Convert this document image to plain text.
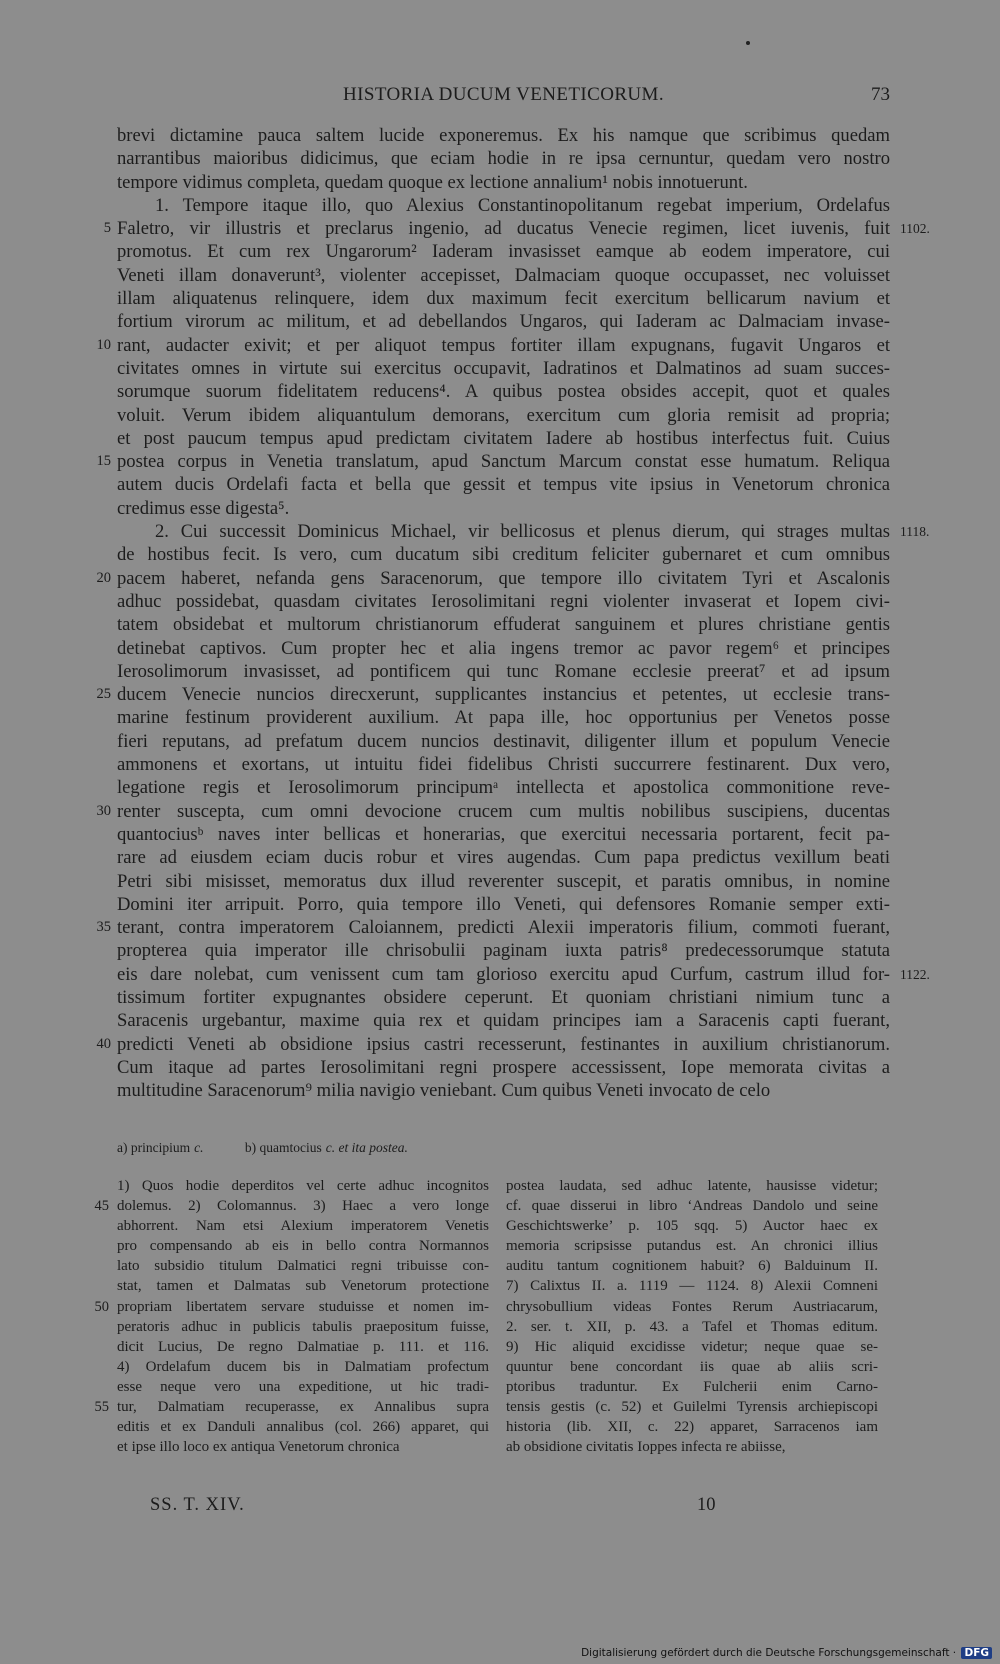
HISTORIA DUCUM VENETICORUM.	73
brevi dictamine pauca saltem lucide exponeremus. Ex his namque que scribimus quedam
narrantibus maioribus didicimus, que eciam hodie in re ipsa cernuntur, quedam vero nostro
tempore vidimus completa, quedam quoque ex lectione annalium¹ nobis innotuerunt.
1. Tempore itaque illo, quo Alexius Constantinopolitanum regebat imperium, Ordelafus
5 Faletro, vir illustris et preclarus ingenio, ad ducatus Venecie regimen, licet iuvenis, fuit 1102.
promotus. Et cum rex Ungarorum² Iaderam invasisset eamque ab eodem imperatore, cui
Veneti illam donaverunt³, violenter accepisset, Dalmaciam quoque occupasset, nec voluisset
illam aliquatenus relinquere, idem dux maximum fecit exercitum bellicarum navium et
fortium virorum ac militum, et ad debellandos Ungaros, qui Iaderam ac Dalmaciam invase-
10 rant, audacter exivit; et per aliquot tempus fortiter illam expugnans, fugavit Ungaros et
civitates omnes in virtute sui exercitus occupavit, Iadratinos et Dalmatinos ad suam succes-
sorumque suorum fidelitatem reducens⁴. A quibus postea obsides accepit, quot et quales
voluit. Verum ibidem aliquantulum demorans, exercitum cum gloria remisit ad propria;
et post paucum tempus apud predictam civitatem Iadere ab hostibus interfectus fuit. Cuius
15 postea corpus in Venetia translatum, apud Sanctum Marcum constat esse humatum. Reliqua
autem ducis Ordelafi facta et bella que gessit et tempus vite ipsius in Venetorum chronica
credimus esse digesta⁵.
2. Cui successit Dominicus Michael, vir bellicosus et plenus dierum, qui strages multas 1118.
de hostibus fecit. Is vero, cum ducatum sibi creditum feliciter gubernaret et cum omnibus
20 pacem haberet, nefanda gens Saracenorum, que tempore illo civitatem Tyri et Ascalonis
adhuc possidebat, quasdam civitates Ierosolimitani regni violenter invaserat et Iopem civi-
tatem obsidebat et multorum christianorum effuderat sanguinem et plures christiane gentis
detinebat captivos. Cum propter hec et alia ingens tremor ac pavor regem⁶ et principes
Ierosolimorum invasisset, ad pontificem qui tunc Romane ecclesie preerat⁷ et ad ipsum
25 ducem Venecie nuncios direcxerunt, supplicantes instancius et petentes, ut ecclesie trans-
marine festinum providerent auxilium. At papa ille, hoc opportunius per Venetos posse
fieri reputans, ad prefatum ducem nuncios destinavit, diligenter illum et populum Venecie
ammonens et exortans, ut intuitu fidei fidelibus Christi succurrere festinarent. Dux vero,
legatione regis et Ierosolimorum principumᵃ intellecta et apostolica commonitione reve-
30 renter suscepta, cum omni devocione crucem cum multis nobilibus suscipiens, ducentas
quantociusᵇ naves inter bellicas et honerarias, que exercitui necessaria portarent, fecit pa-
rare ad eiusdem eciam ducis robur et vires augendas. Cum papa predictus vexillum beati
Petri sibi misisset, memoratus dux illud reverenter suscepit, et paratis omnibus, in nomine
Domini iter arripuit. Porro, quia tempore illo Veneti, qui defensores Romanie semper exti-
35 terant, contra imperatorem Caloiannem, predicti Alexii imperatoris filium, commoti fuerant,
propterea quia imperator ille chrisobulii paginam iuxta patris⁸ predecessorumque statuta
eis dare nolebat, cum venissent cum tam glorioso exercitu apud Curfum, castrum illud for- 1122.
tissimum fortiter expugnantes obsidere ceperunt. Et quoniam christiani nimium tunc a
Saracenis urgebantur, maxime quia rex et quidam principes iam a Saracenis capti fuerant,
40 predicti Veneti ab obsidione ipsius castri recesserunt, festinantes in auxilium christianorum.
Cum itaque ad partes Ierosolimitani regni prospere accessissent, Iope memorata civitas a
multitudine Saracenorum⁹ milia navigio veniebant. Cum quibus Veneti invocato de celo
a) principium c.	b) quamtocius c. et ita postea.
1) Quos hodie deperditos vel certe adhuc incognitos
45 dolemus. 2) Colomannus. 3) Haec a vero longe
abhorrent. Nam etsi Alexium imperatorem Venetis
pro compensando ab eis in bello contra Normannos
lato subsidio titulum Dalmatici regni tribuisse con-
stat, tamen et Dalmatas sub Venetorum protectione
50 propriam libertatem servare studuisse et nomen im-
peratoris adhuc in publicis tabulis praepositum fuisse,
dicit Lucius, De regno Dalmatiae p. 111. et 116.
4) Ordelafum ducem bis in Dalmatiam profectum
esse neque vero una expeditione, ut hic tradi-
55 tur, Dalmatiam recuperasse, ex Annalibus supra
editis et ex Danduli annalibus (col. 266) apparet, qui
et ipse illo loco ex antiqua Venetorum chronica
postea laudata, sed adhuc latente, hausisse videtur;
cf. quae disserui in libro ‘Andreas Dandolo und seine
Geschichtswerke’ p. 105 sqq. 5) Auctor haec ex
memoria scripsisse putandus est. An chronici illius
auditu tantum cognitionem habuit? 6) Balduinum II.
7) Calixtus II. a. 1119 — 1124. 8) Alexii Comneni
chrysobullium videas Fontes Rerum Austriacarum,
2. ser. t. XII, p. 43. a Tafel et Thomas editum.
9) Hic aliquid excidisse videtur; neque quae se-
quuntur bene concordant iis quae ab aliis scri-
ptoribus traduntur. Ex Fulcherii enim Carno-
tensis gestis (c. 52) et Guilelmi Tyrensis archiepiscopi
historia (lib. XII, c. 22) apparet, Sarracenos iam
ab obsidione civitatis Ioppes infecta re abiisse,
SS. T. XIV.	10
Digitalisierung gefördert durch die Deutsche Forschungsgemeinschaft · DFG
